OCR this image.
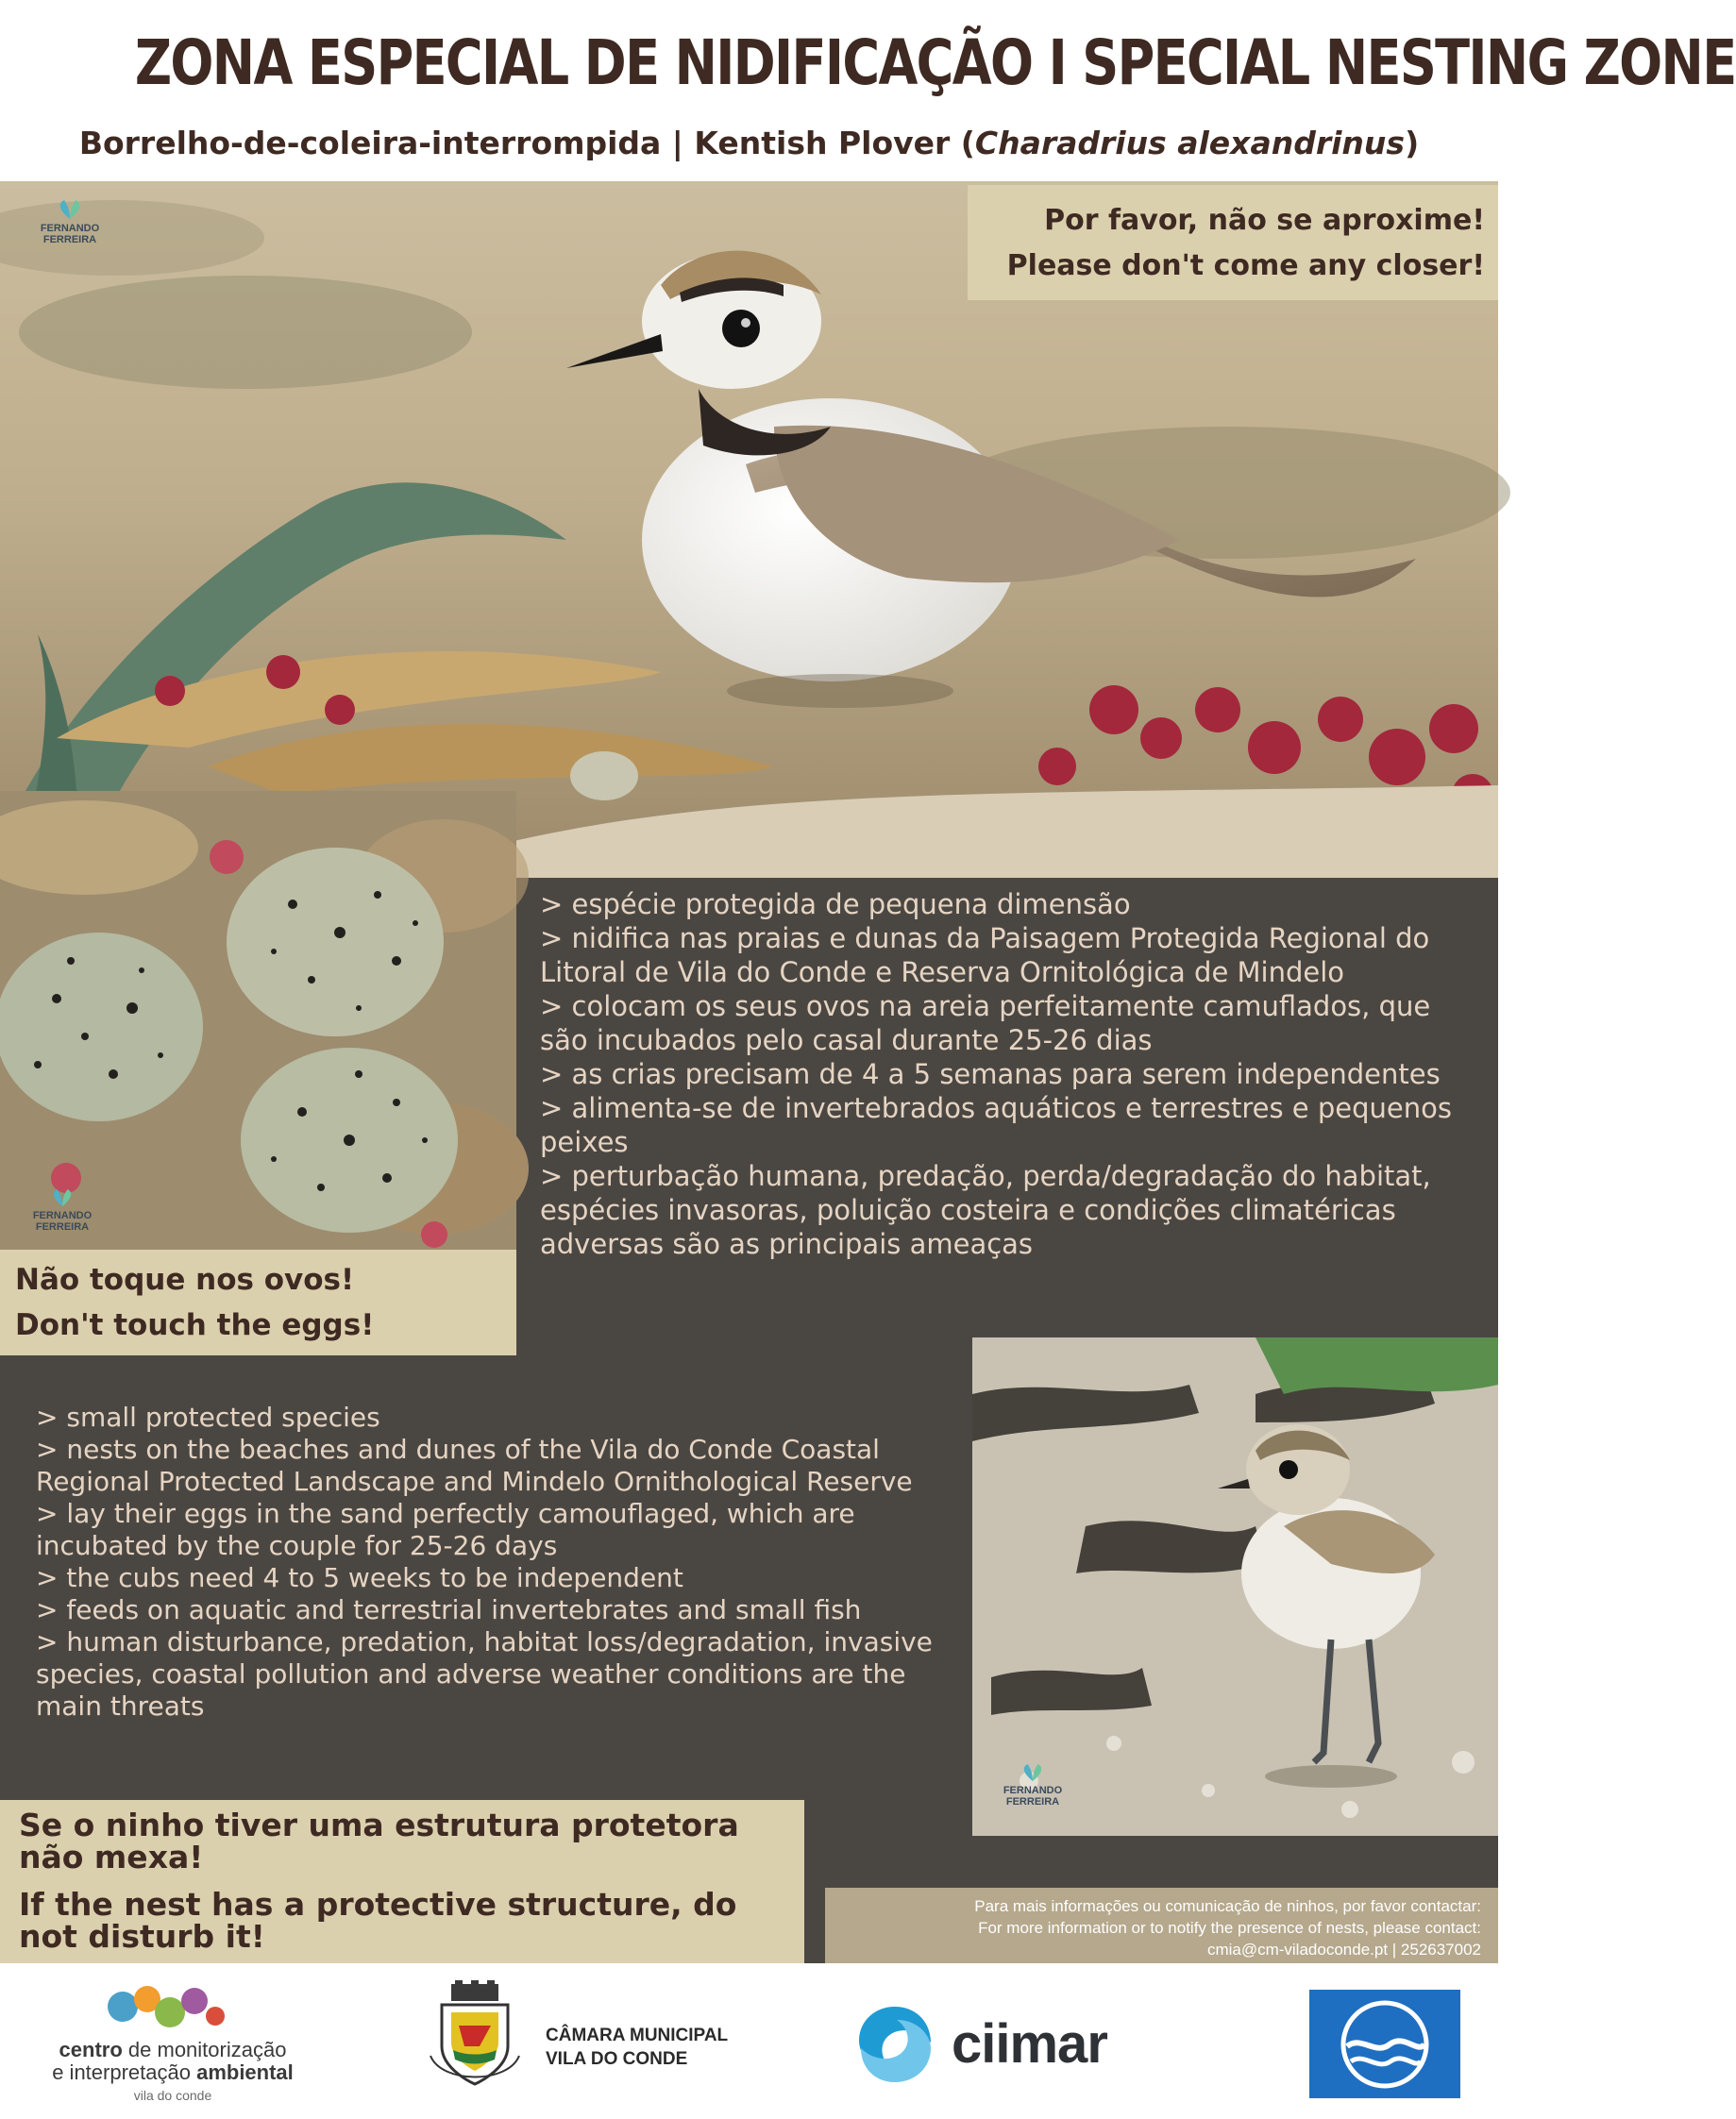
ZONA ESPECIAL DE NIDIFICAÇÃO I SPECIAL NESTING ZONE
Borrelho-de-coleira-interrompida | Kentish Plover (Charadrius alexandrinus)
FERNANDO FERREIRA
Por favor, não se aproxime!
Please don't come any closer!
FERNANDO FERREIRA
> espécie protegida de pequena dimensão
> nidifica nas praias e dunas da Paisagem Protegida Regional do Litoral de Vila do Conde e Reserva Ornitológica de Mindelo
> colocam os seus ovos na areia perfeitamente camuflados, que são incubados pelo casal durante 25-26 dias
> as crias precisam de 4 a 5 semanas para serem independentes
> alimenta-se de invertebrados aquáticos e terrestres e pequenos peixes
> perturbação humana, predação, perda/degradação do habitat, espécies invasoras, poluição costeira e condições climatéricas adversas são as principais ameaças
Não toque nos ovos!
Don't touch the eggs!
FERNANDO FERREIRA
> small protected species
> nests on the beaches and dunes of the Vila do Conde Coastal Regional Protected Landscape and Mindelo Ornithological Reserve
> lay their eggs in the sand perfectly camouflaged, which are incubated by the couple for 25-26 days
> the cubs need 4 to 5 weeks to be independent
> feeds on aquatic and terrestrial invertebrates and small fish
> human disturbance, predation, habitat loss/degradation, invasive species, coastal pollution and adverse weather conditions are the main threats
Se o ninho tiver uma estrutura protetora não mexa!
If the nest has a protective structure, do not disturb it!
Para mais informações ou comunicação de ninhos, por favor contactar:
For more information or to notify the presence of nests, please contact:
cmia@cm-viladoconde.pt | 252637002
centro de monitorização
e interpretação ambiental
vila do conde
CÂMARA MUNICIPAL
VILA DO CONDE	ciimar
